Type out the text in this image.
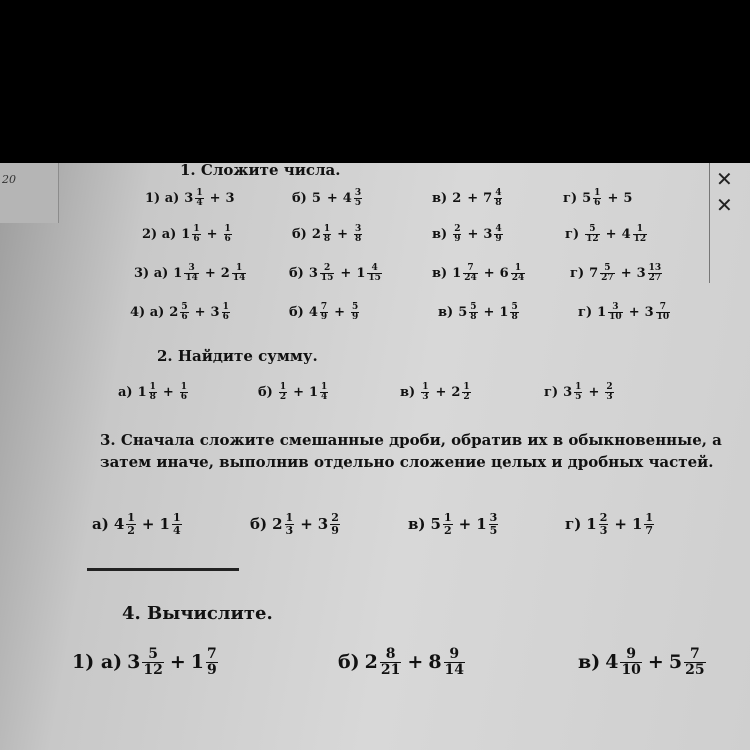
20	✕
✕
1. Сложите числа.
1) а) $3 \frac{1}{4} + 3$	б) $5 + 4 \frac{3}{5}$	в) $2 + 7 \frac{4}{8}$	г) $5 \frac{1}{6} + 5$
2) а) $1 \frac{1}{6} + \frac{1}{6}$	б) $2 \frac{1}{8} + \frac{3}{8}$	$в) \frac{2}{9} + 3 \frac{4}{9}$	$г) \frac{5}{12} + 4 \frac{1}{12}$
3) а) $1 \frac{3}{14} + 2 \frac{1}{14}$	б) $3 \frac{2}{15} + 1 \frac{4}{15}$	в) $1 \frac{7}{24} + 6 \frac{1}{24}$	г) $7 \frac{5}{27} + 3 \frac{13}{27}$
4) а) $2 \frac{5}{6} + 3 \frac{1}{6}$	б) $4 \frac{7}{9} + \frac{5}{9}$	в) $5 \frac{5}{8} + 1 \frac{5}{8}$	г) $1 \frac{3}{10} + 3 \frac{7}{10}$
2. Найдите сумму.
а) $1 \frac{1}{8} + \frac{1}{6}$	$б) \frac{1}{2} + 1 \frac{1}{4}$	$в) \frac{1}{3} + 2 \frac{1}{2}$	г) $3 \frac{1}{5} + \frac{2}{3}$
3. Сначала сложите смешанные дроби, обратив их в обыкновенные, а затем иначе, выполнив отдельно сложение целых и дробных частей.
а) $4 \frac{1}{2} + 1 \frac{1}{4}$	б) $2 \frac{1}{3} + 3 \frac{2}{9}$	в) $5 \frac{1}{2} + 1 \frac{3}{5}$	г) $1 \frac{2}{3} + 1 \frac{1}{7}$
4. Вычислите.
1) а) $3 \frac{5}{12} + 1 \frac{7}{9}$	б) $2 \frac{8}{21} + 8 \frac{9}{14}$	в) $4 \frac{9}{10} + 5 \frac{7}{25}$
